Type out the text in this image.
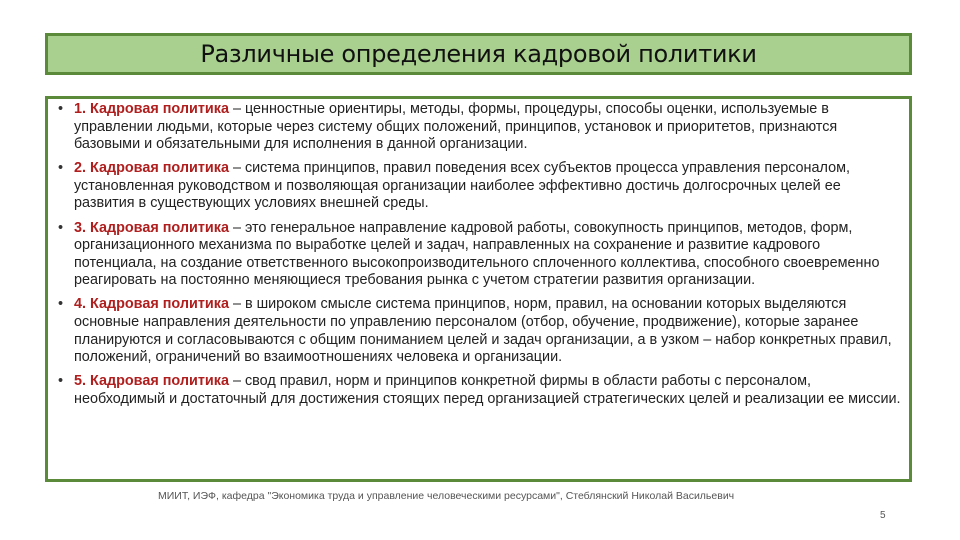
Различные определения кадровой политики
• 1. Кадровая политика – ценностные ориентиры, методы, формы, процедуры, способы оценки, используемые в управлении людьми, которые через систему общих положений, принципов, установок и приоритетов, признаются базовыми и обязательными для исполнения в данной организации.
• 2. Кадровая политика – система принципов, правил поведения всех субъектов процесса управления персоналом, установленная руководством и позволяющая организации наиболее эффективно достичь долгосрочных целей ее развития в существующих условиях внешней среды.
• 3. Кадровая политика – это генеральное направление кадровой работы, совокупность принципов, методов, форм, организационного механизма по выработке целей и задач, направленных на сохранение и развитие кадрового потенциала, на создание ответственного высокопроизводительного сплоченного коллектива, способного своевременно реагировать на постоянно меняющиеся требования рынка с учетом стратегии развития организации.
• 4. Кадровая политика – в широком смысле система принципов, норм, правил, на основании которых выделяются основные направления деятельности по управлению персоналом (отбор, обучение, продвижение), которые заранее планируются и согласовываются с общим пониманием целей и задач организации, а в узком – набор конкретных правил, положений, ограничений во взаимоотношениях человека и организации.
• 5. Кадровая политика – свод правил, норм и принципов конкретной фирмы в области работы с персоналом, необходимый и достаточный для достижения стоящих перед организацией стратегических целей и реализации ее миссии.
МИИТ, ИЭФ, кафедра "Экономика труда и управление человеческими ресурсами", Стеблянский Николай Васильевич
5
